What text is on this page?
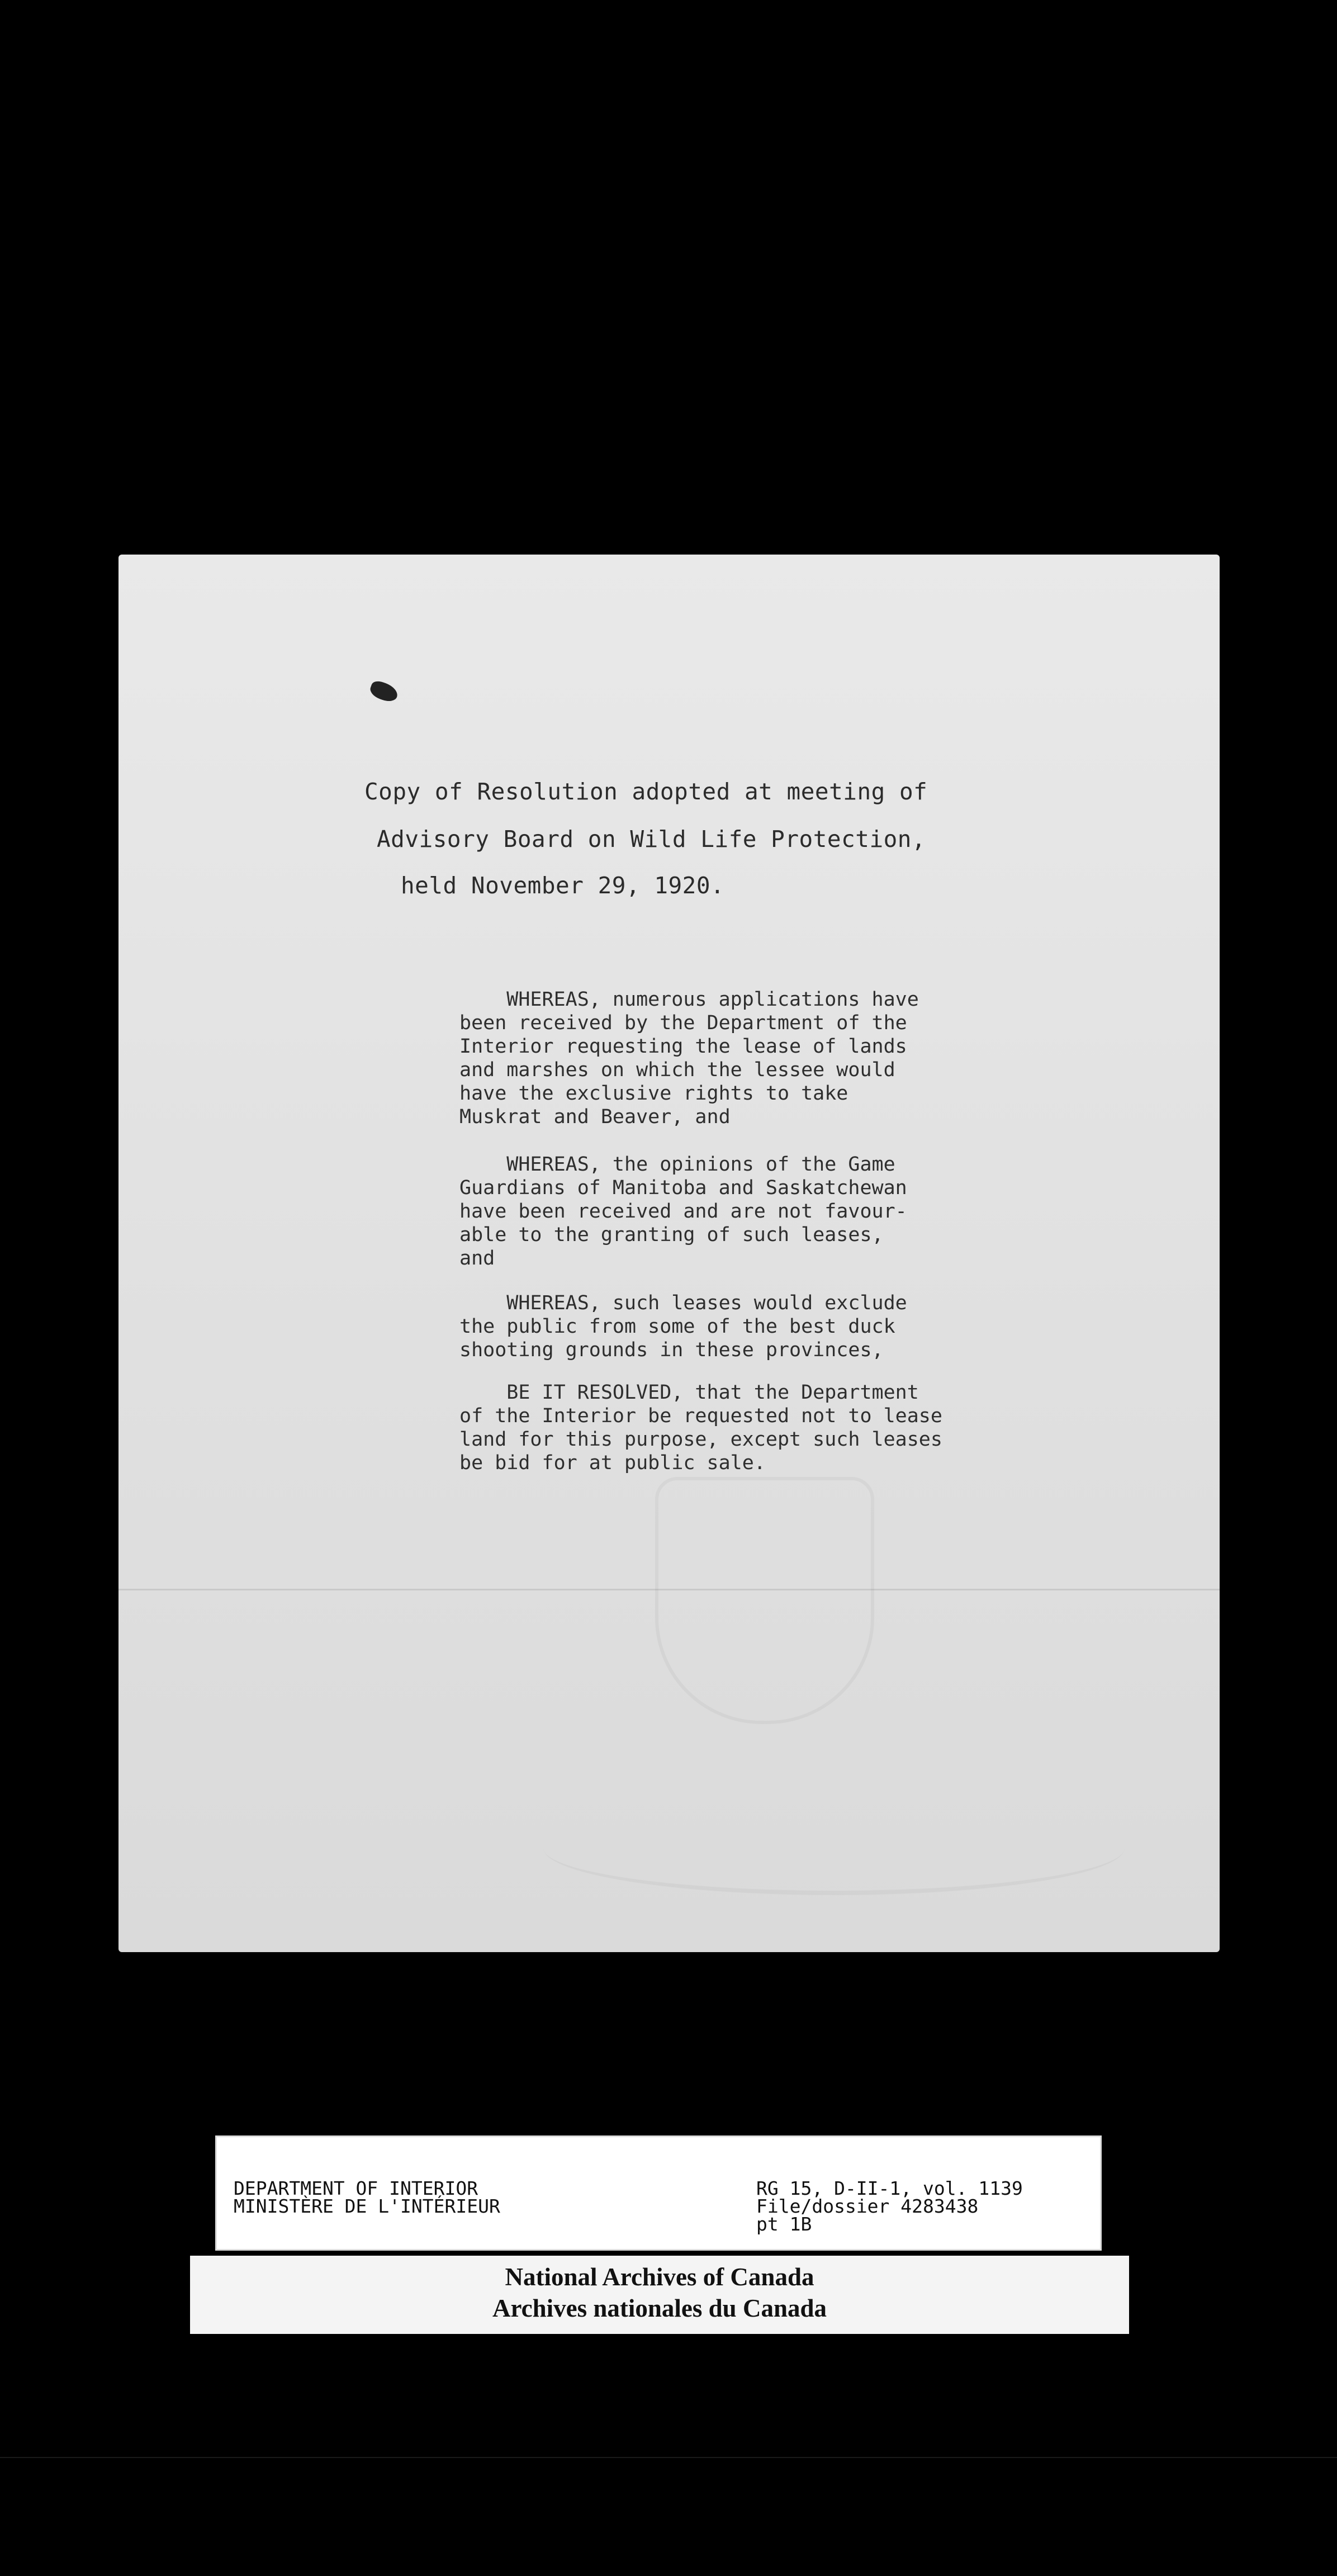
Copy of Resolution adopted at meeting of
Advisory Board on Wild Life Protection,
held November 29, 1920.
WHEREAS, numerous applications have
been received by the Department of the
Interior requesting the lease of lands
and marshes on which the lessee would
have the exclusive rights to take
Muskrat and Beaver, and
WHEREAS, the opinions of the Game
Guardians of Manitoba and Saskatchewan
have been received and are not favour-
able to the granting of such leases,
and
WHEREAS, such leases would exclude
the public from some of the best duck
shooting grounds in these provinces,
BE IT RESOLVED, that the Department
of the Interior be requested not to lease
land for this purpose, except such leases
be bid for at public sale.
DEPARTMENT OF INTERIOR
MINISTÈRE DE L'INTÉRIEUR
RG 15, D-II-1, vol. 1139
File/dossier 4283438
pt 1B
National Archives of Canada
Archives nationales du Canada
